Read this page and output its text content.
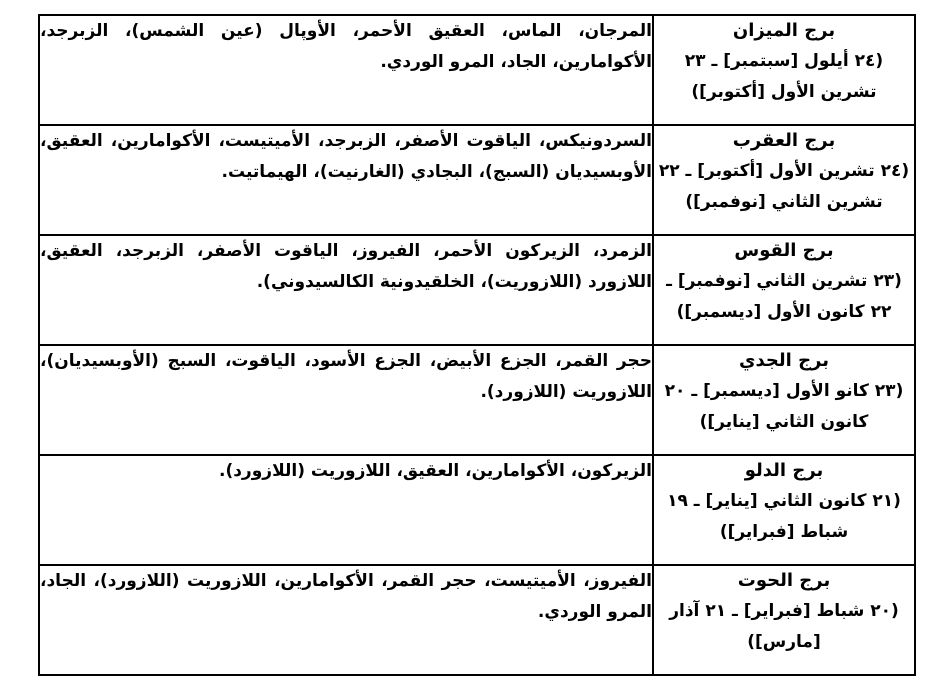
برج الميزان
(٢٤ أيلول [سبتمبر] ـ ٢٣ تشرين الأول [أكتوبر])	المرجان، الماس، العقيق الأحمر، الأوپال (عين الشمس)، الزبرجد، الأكوامارين، الجاد، المرو الوردي.

برج العقرب
(٢٤ تشرين الأول [أكتوبر] ـ ٢٢ تشرين الثاني [نوفمبر])	السردونيكس، الياقوت الأصفر، الزبرجد، الأميتيست، الأكوامارين، العقيق، الأوبسيديان (السبج)، البجادي (الغارنيت)، الهيماتيت.

برج القوس
(٢٣ تشرين الثاني [نوفمبر] ـ ٢٢ كانون الأول [ديسمبر])	الزمرد، الزيركون الأحمر، الفيروز، الياقوت الأصفر، الزبرجد، العقيق، اللازورد (اللازوريت)، الخلقيدونية الكالسيدوني).

برج الجدي
(٢٣ كانو الأول [ديسمبر] ـ ٢٠ كانون الثاني [يناير])	حجر القمر، الجزع الأبيض، الجزع الأسود، الياقوت، السبج (الأوبسيديان)، اللازوريت (اللازورد).

برج الدلو
(٢١ كانون الثاني [يناير] ـ ١٩ شباط [فبراير])	الزيركون، الأكوامارين، العقيق، اللازوريت (اللازورد).

برج الحوت
(٢٠ شباط [فبراير] ـ ٢١ آذار [مارس])	الفيروز، الأميتيست، حجر القمر، الأكوامارين، اللازوريت (اللازورد)، الجاد، المرو الوردي.
